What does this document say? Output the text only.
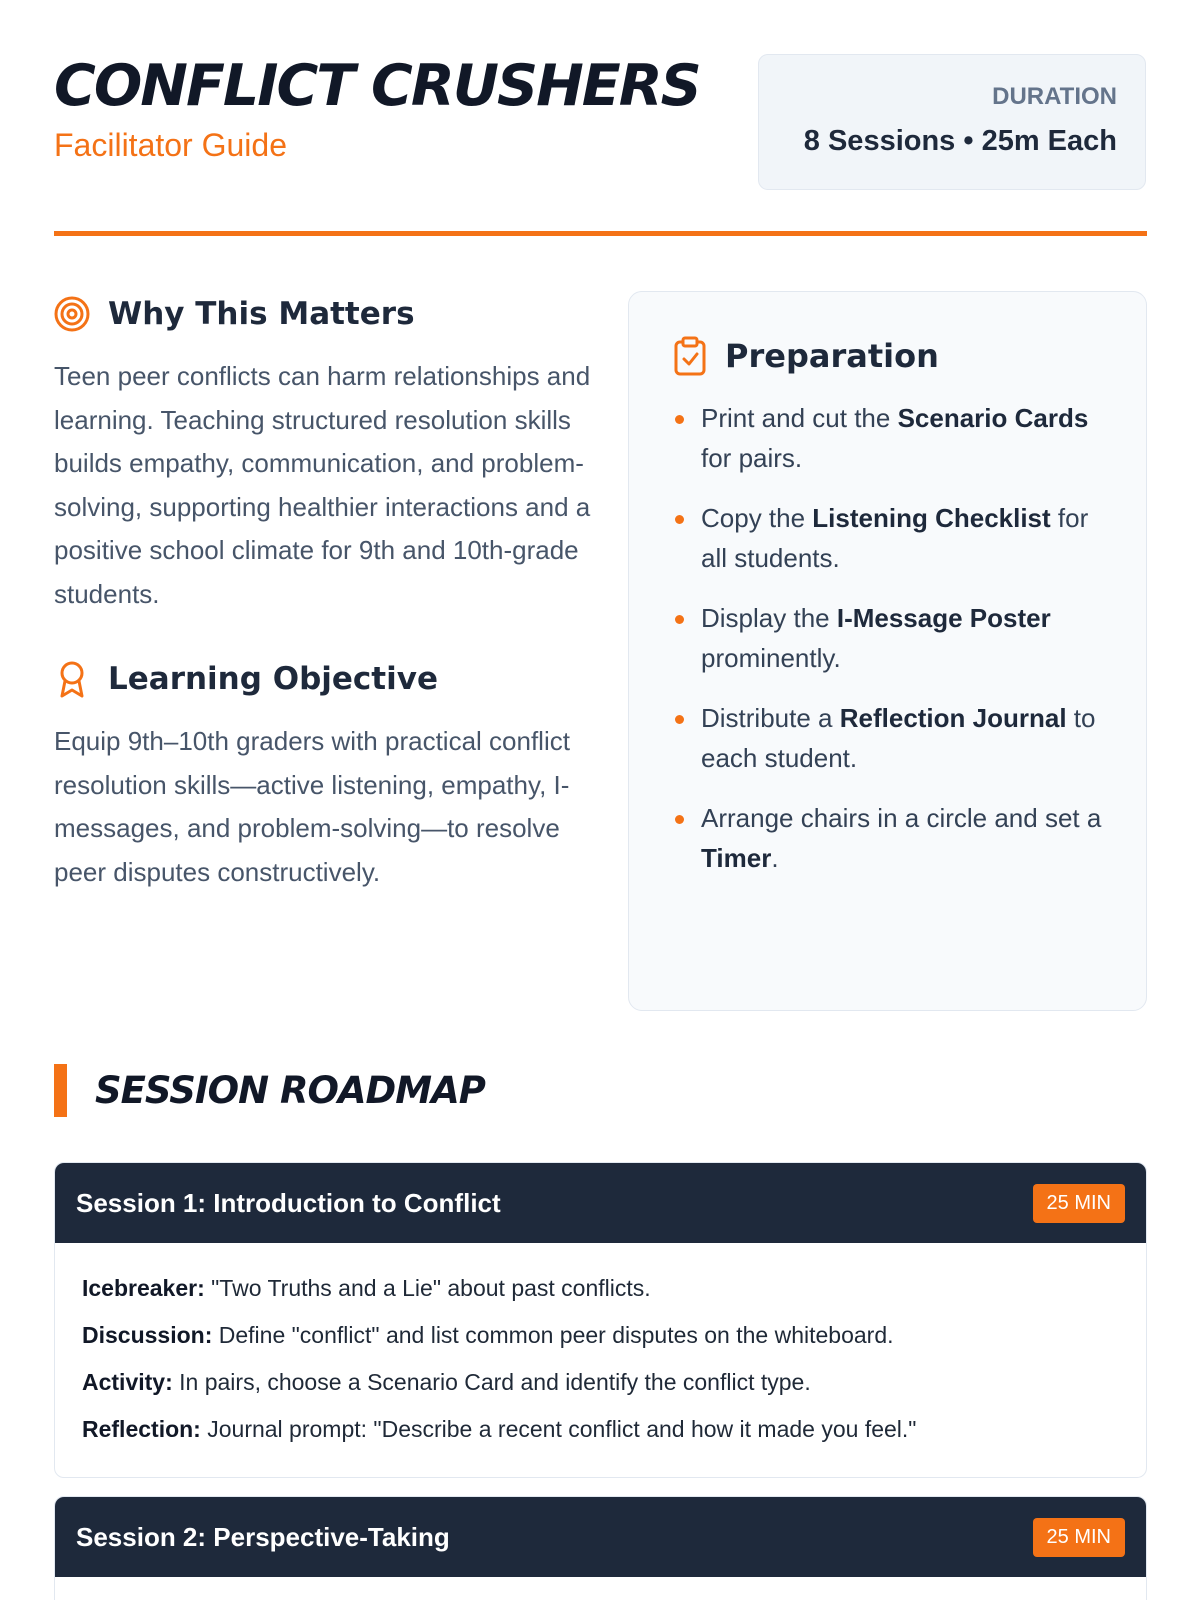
CONFLICT CRUSHERS
Facilitator Guide
DURATION
8 Sessions • 25m Each
Why This Matters

Teen peer conflicts can harm relationships and learning. Teaching structured resolution skills builds empathy, communication, and problem-solving, supporting healthier interactions and a positive school climate for 9th and 10th-grade students.

Learning Objective

Equip 9th–10th graders with practical conflict resolution skills—active listening, empathy, I-messages, and problem-solving—to resolve peer disputes constructively.

Preparation
Print and cut the Scenario Cards for pairs.
Copy the Listening Checklist for all students.
Display the I-Message Poster prominently.
Distribute a Reflection Journal to each student.
Arrange chairs in a circle and set a Timer.
SESSION ROADMAP
Session 1: Introduction to Conflict	25 MIN
Icebreaker: "Two Truths and a Lie" about past conflicts.
Discussion: Define "conflict" and list common peer disputes on the whiteboard.
Activity: In pairs, choose a Scenario Card and identify the conflict type.
Reflection: Journal prompt: "Describe a recent conflict and how it made you feel."
Session 2: Perspective-Taking	25 MIN
